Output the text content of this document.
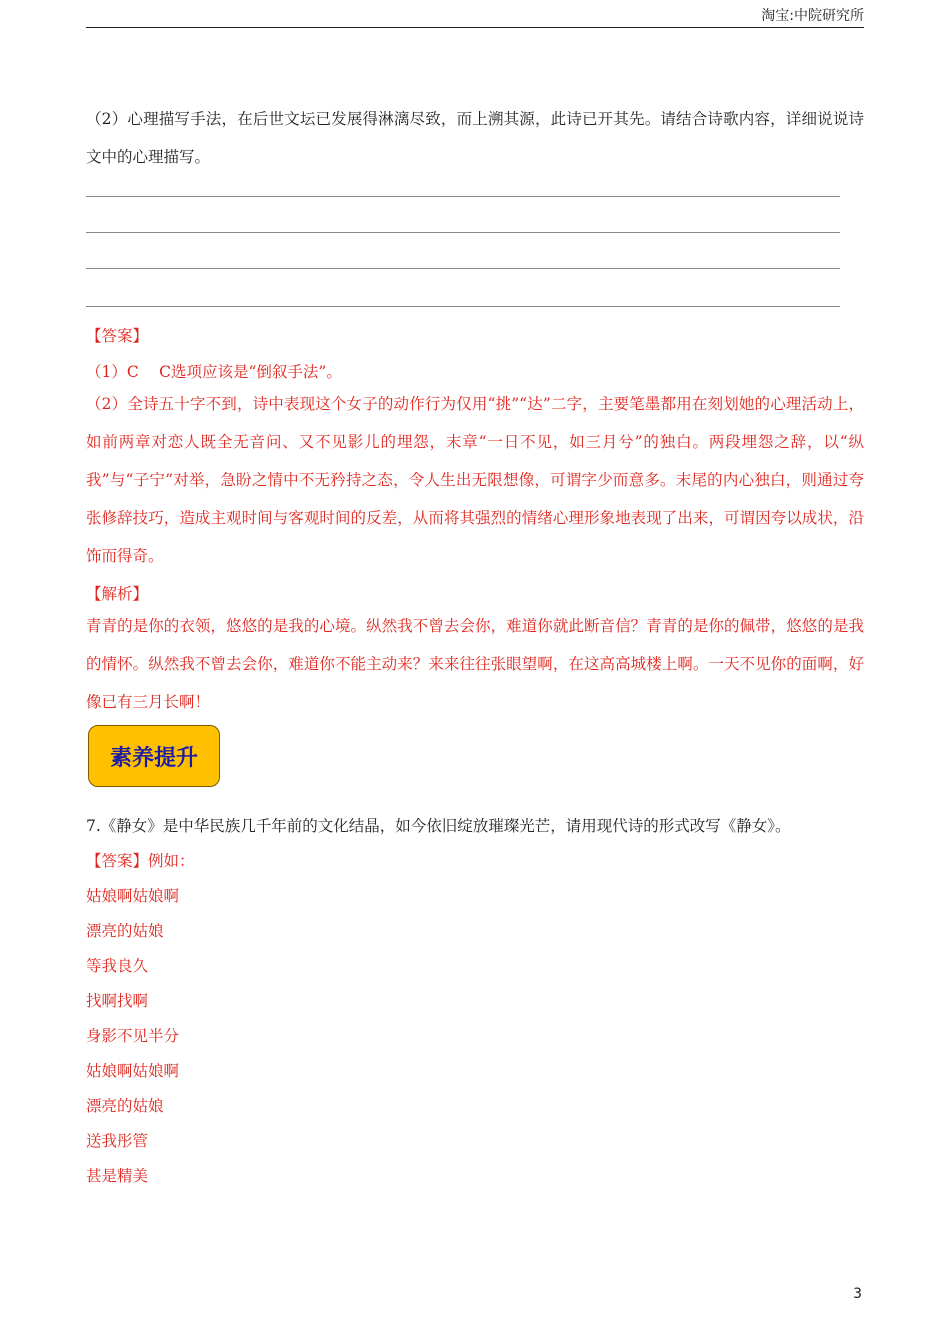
淘宝:中院研究所
（2）心理描写手法，在后世文坛已发展得淋漓尽致，而上溯其源，此诗已开其先。请结合诗歌内容，详细说说诗文中的心理描写。
【答案】
（1）C　 C选项应该是“倒叙手法”。
（2）全诗五十字不到，诗中表现这个女子的动作行为仅用“挑”“达”二字，主要笔墨都用在刻划她的心理活动上，如前两章对恋人既全无音问、又不见影儿的埋怨，末章“一日不见，如三月兮”的独白。两段埋怨之辞，以“纵我”与“子宁”对举，急盼之情中不无矜持之态，令人生出无限想像，可谓字少而意多。末尾的内心独白，则通过夸张修辞技巧，造成主观时间与客观时间的反差，从而将其强烈的情绪心理形象地表现了出来，可谓因夸以成状，沿饰而得奇。
【解析】
青青的是你的衣领，悠悠的是我的心境。纵然我不曾去会你，难道你就此断音信？青青的是你的佩带，悠悠的是我的情怀。纵然我不曾去会你，难道你不能主动来？来来往往张眼望啊，在这高高城楼上啊。一天不见你的面啊，好像已有三月长啊！
7.《静女》是中华民族几千年前的文化结晶，如今依旧绽放璀璨光芒，请用现代诗的形式改写《静女》。
【答案】例如：
姑娘啊姑娘啊
漂亮的姑娘
等我良久
找啊找啊
身影不见半分
姑娘啊姑娘啊
漂亮的姑娘
送我彤管
甚是精美
素养提升
3
